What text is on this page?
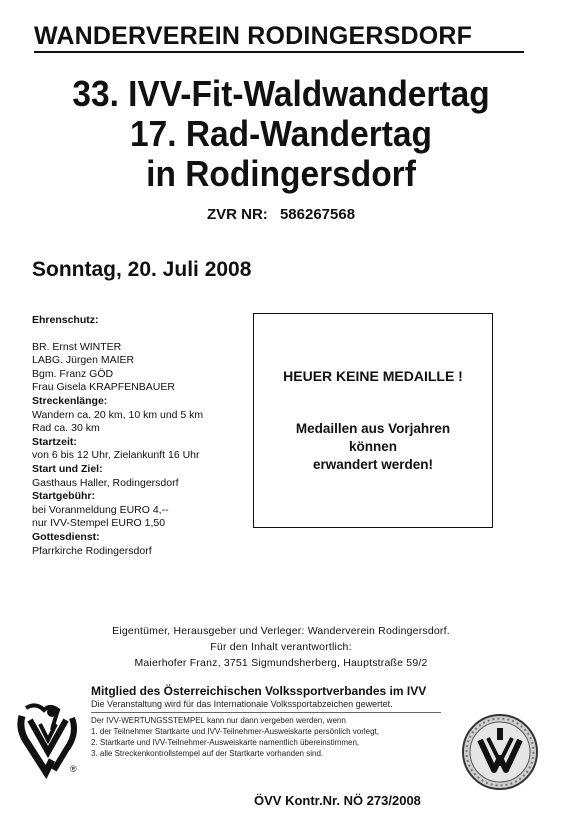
WANDERVEREIN RODINGERSDORF
33. IVV-Fit-Waldwandertag
17. Rad-Wandertag
in Rodingersdorf
ZVR NR: 586267568
Sonntag, 20. Juli 2008
Ehrenschutz:
BR. Ernst WINTER
LABG. Jürgen MAIER
Bgm. Franz GÖD
Frau Gisela KRAPFENBAUER
Streckenlänge:
Wandern ca. 20 km, 10 km und 5 km
Rad ca. 30 km
Startzeit:
von 6 bis 12 Uhr, Zielankunft 16 Uhr
Start und Ziel:
Gasthaus Haller, Rodingersdorf
Startgebühr:
bei Voranmeldung EURO 4,--
nur IVV-Stempel EURO 1,50
Gottesdienst:
Pfarrkirche Rodingersdorf
HEUER KEINE MEDAILLE !
Medaillen aus Vorjahren
können
erwandert werden!
Eigentümer, Herausgeber und Verleger: Wanderverein Rodingersdorf.
Für den Inhalt verantwortlich:
Maierhofer Franz, 3751 Sigmundsherberg, Hauptstraße 59/2
®
Mitglied des Österreichischen Volkssportverbandes im IVV
Die Veranstaltung wird für das Internationale Volkssportabzeichen gewertet.
Der IVV-WERTUNGSSTEMPEL kann nur dann vergeben werden, wenn
1. der Teilnehmer Startkarte und IVV-Teilnehmer-Ausweiskarte persönlich vorlegt,
2. Startkarte und IVV-Teilnehmer-Ausweiskarte namentlich übereinstimmen,
3. alle Streckenkontrollstempel auf der Startkarte vorhanden sind.
ÖVV Kontr.Nr. NÖ 273/2008
